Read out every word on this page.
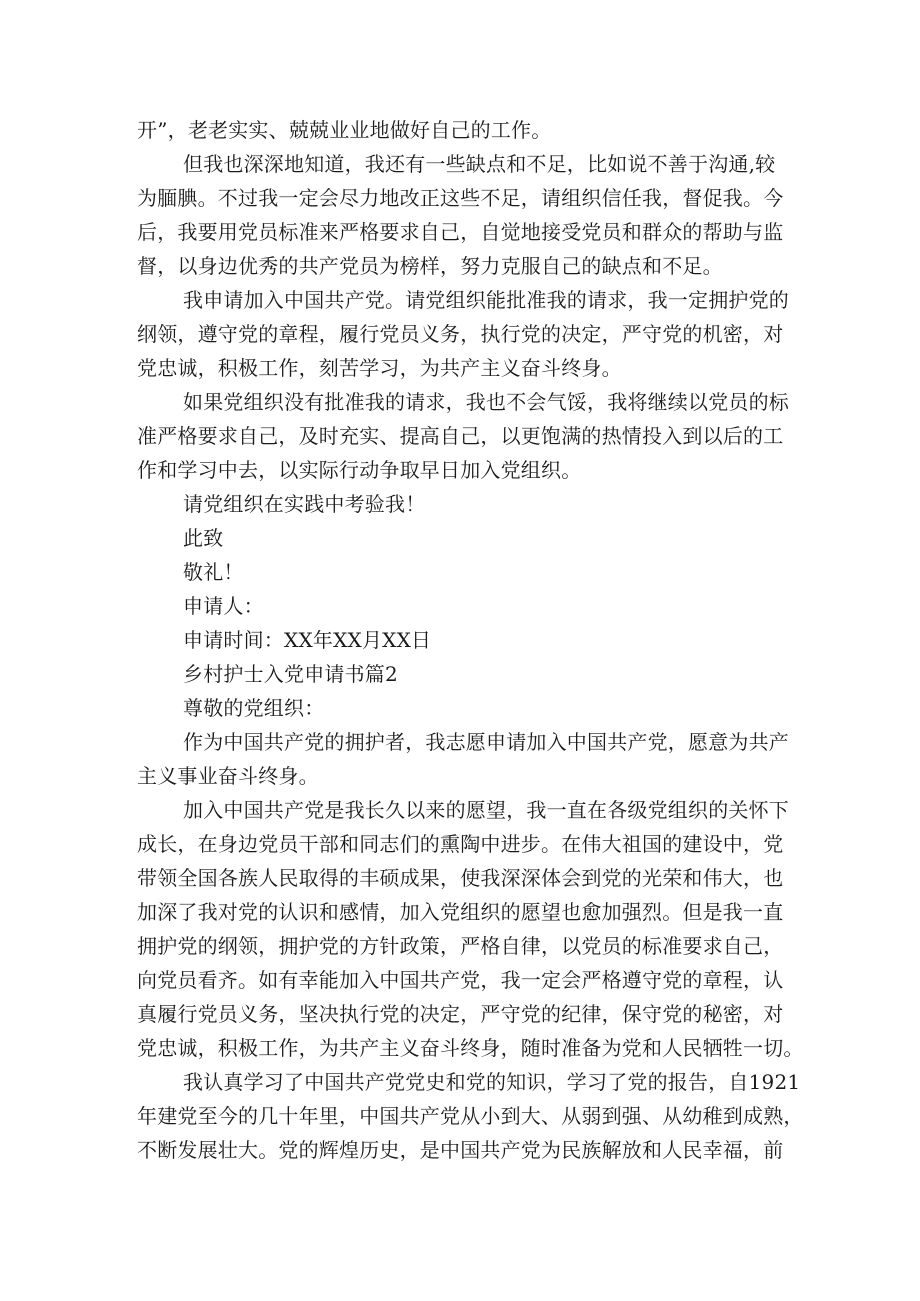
开”，老老实实、兢兢业业地做好自己的工作。

但我也深深地知道，我还有一些缺点和不足，比如说不善于沟通,较

为腼腆。不过我一定会尽力地改正这些不足，请组织信任我，督促我。今

后，我要用党员标准来严格要求自己，自觉地接受党员和群众的帮助与监

督，以身边优秀的共产党员为榜样，努力克服自己的缺点和不足。

我申请加入中国共产党。请党组织能批准我的请求，我一定拥护党的

纲领，遵守党的章程，履行党员义务，执行党的决定，严守党的机密，对

党忠诚，积极工作，刻苦学习，为共产主义奋斗终身。

如果党组织没有批准我的请求，我也不会气馁，我将继续以党员的标

准严格要求自己，及时充实、提高自己，以更饱满的热情投入到以后的工

作和学习中去，以实际行动争取早日加入党组织。

请党组织在实践中考验我！

此致

敬礼！

申请人：

申请时间：XX年XX月XX日

乡村护士入党申请书篇2

尊敬的党组织：

作为中国共产党的拥护者，我志愿申请加入中国共产党，愿意为共产

主义事业奋斗终身。

加入中国共产党是我长久以来的愿望，我一直在各级党组织的关怀下

成长，在身边党员干部和同志们的熏陶中进步。在伟大祖国的建设中，党

带领全国各族人民取得的丰硕成果，使我深深体会到党的光荣和伟大，也

加深了我对党的认识和感情，加入党组织的愿望也愈加强烈。但是我一直

拥护党的纲领，拥护党的方针政策，严格自律，以党员的标准要求自己，

向党员看齐。如有幸能加入中国共产党，我一定会严格遵守党的章程，认

真履行党员义务，坚决执行党的决定，严守党的纪律，保守党的秘密，对

党忠诚，积极工作，为共产主义奋斗终身，随时准备为党和人民牺牲一切。

我认真学习了中国共产党党史和党的知识，学习了党的报告，自1921

年建党至今的几十年里，中国共产党从小到大、从弱到强、从幼稚到成熟，

不断发展壮大。党的辉煌历史，是中国共产党为民族解放和人民幸福，前
